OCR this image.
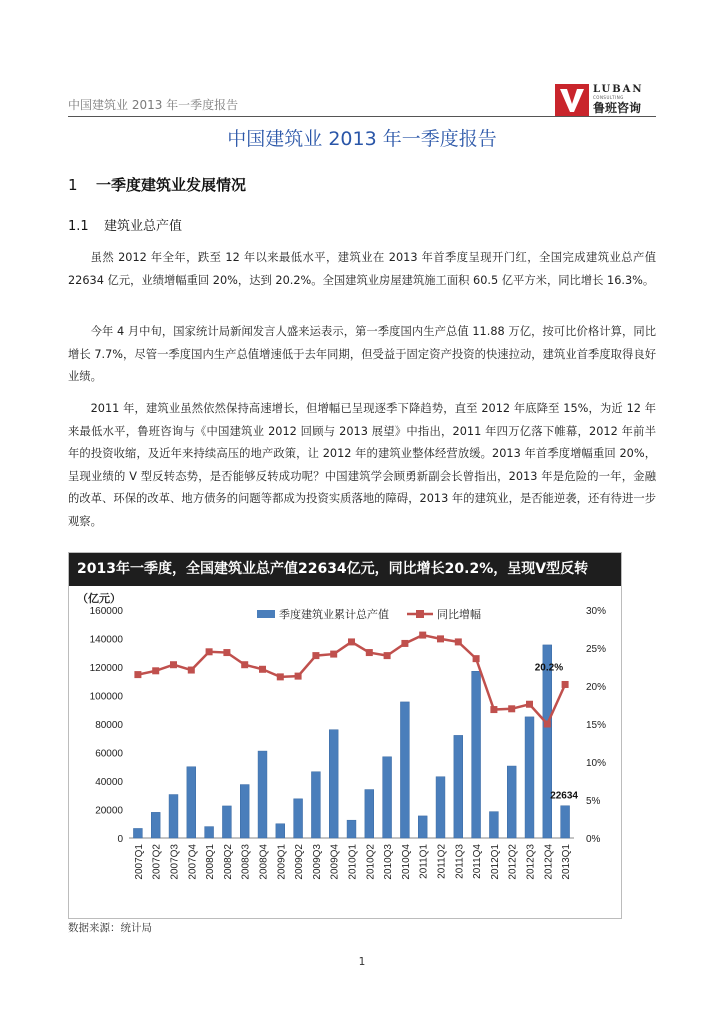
中国建筑业 2013 年一季度报告
LUBAN
CONSULTING
鲁班咨询
中国建筑业 2013 年一季度报告
1 一季度建筑业发展情况
1.1 建筑业总产值
虽然 2012 年全年，跌至 12 年以来最低水平，建筑业在 2013 年首季度呈现开门红，全国完成建筑业总产值 22634 亿元，业绩增幅重回 20%，达到 20.2%。全国建筑业房屋建筑施工面积 60.5 亿平方米，同比增长 16.3%。
今年 4 月中旬，国家统计局新闻发言人盛来运表示，第一季度国内生产总值 11.88 万亿，按可比价格计算，同比增长 7.7%，尽管一季度国内生产总值增速低于去年同期，但受益于固定资产投资的快速拉动，建筑业首季度取得良好业绩。
2011 年，建筑业虽然依然保持高速增长，但增幅已呈现逐季下降趋势，直至 2012 年底降至 15%，为近 12 年来最低水平，鲁班咨询与《中国建筑业 2012 回顾与 2013 展望》中指出，2011 年四万亿落下帷幕，2012 年前半年的投资收缩，及近年来持续高压的地产政策，让 2012 年的建筑业整体经营放缓。2013 年首季度增幅重回 20%，呈现业绩的 V 型反转态势，是否能够反转成功呢？中国建筑学会顾勇新副会长曾指出，2013 年是危险的一年，金融的改革、环保的改革、地方债务的问题等都成为投资实质落地的障碍，2013 年的建筑业，是否能逆袭，还有待进一步观察。
2013年一季度，全国建筑业总产值22634亿元，同比增长20.2%，呈现V型反转
（亿元）
0
20000
40000
60000
80000
100000
120000
140000
160000
0%
5%
10%
15%
20%
25%
30%
2007Q1 2007Q2 2007Q3 2007Q4 2008Q1 2008Q2 2008Q3 2008Q4 2009Q1 2009Q2 2009Q3 2009Q4 2010Q1 2010Q2 2010Q3 2010Q4 2011Q1 2011Q2 2011Q3 2011Q4 2012Q1 2012Q2 2012Q3 2012Q4 2013Q1
20.2%
22634
季度建筑业累计总产值	同比增幅
数据来源：统计局
1
